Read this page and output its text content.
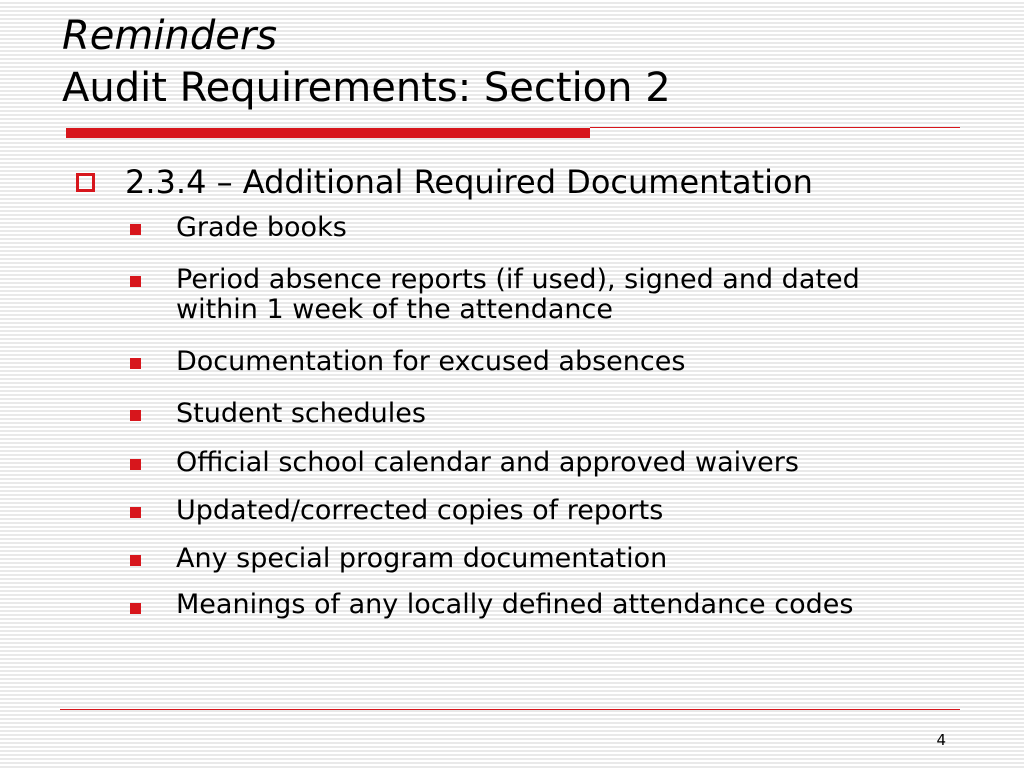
Reminders
Audit Requirements: Section 2
2.3.4 – Additional Required Documentation
Grade books
Period absence reports (if used), signed and dated within 1 week of the attendance
Documentation for excused absences
Student schedules
Official school calendar and approved waivers
Updated/corrected copies of reports
Any special program documentation
Meanings of any locally defined attendance codes
4
